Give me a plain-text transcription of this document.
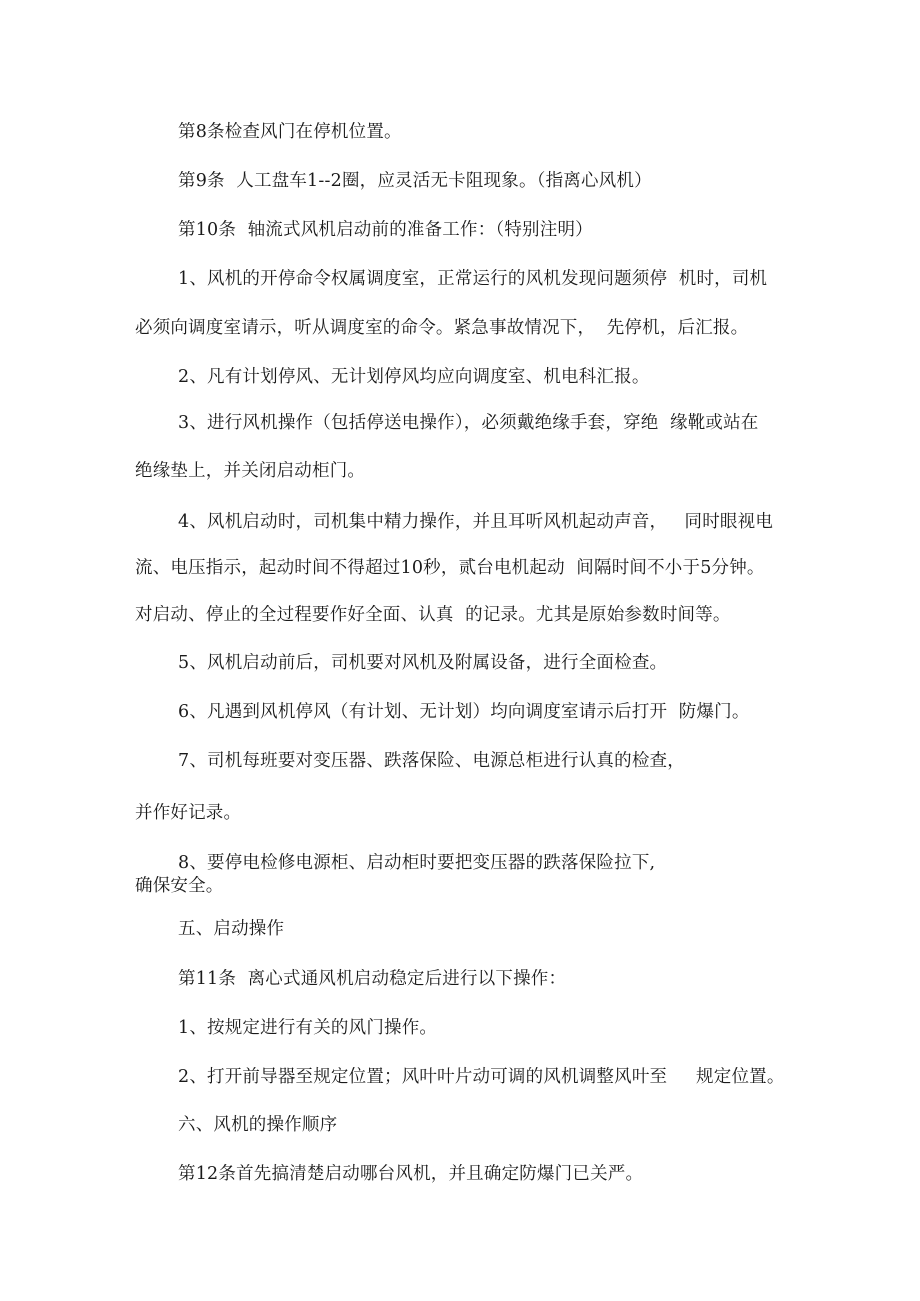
第8条检查风门在停机位置。
第9条  人工盘车1--2圈，应灵活无卡阻现象。（指离心风机）
第10条  轴流式风机启动前的准备工作：（特别注明）
1、风机的开停命令权属调度室，正常运行的风机发现问题须停  机时，司机
必须向调度室请示，听从调度室的命令。紧急事故情况下，  先停机，后汇报。
2、凡有计划停风、无计划停风均应向调度室、机电科汇报。
3、进行风机操作（包括停送电操作），必须戴绝缘手套，穿绝  缘靴或站在
绝缘垫上，并关闭启动柜门。
4、风机启动时，司机集中精力操作，并且耳听风机起动声音，   同时眼视电
流、电压指示，起动时间不得超过10秒，贰台电机起动  间隔时间不小于5分钟。
对启动、停止的全过程要作好全面、认真  的记录。尤其是原始参数时间等。
5、风机启动前后，司机要对风机及附属设备，进行全面检查。
6、凡遇到风机停风（有计划、无计划）均向调度室请示后打开  防爆门。
7、司机每班要对变压器、跌落保险、电源总柜进行认真的检查，
并作好记录。
8、要停电检修电源柜、启动柜时要把变压器的跌落保险拉下,
确保安全。
五、启动操作
第11条  离心式通风机启动稳定后进行以下操作：
1、按规定进行有关的风门操作。
2、打开前导器至规定位置；风叶叶片动可调的风机调整风叶至     规定位置。
六、风机的操作顺序
第12条首先搞清楚启动哪台风机，并且确定防爆门已关严。
